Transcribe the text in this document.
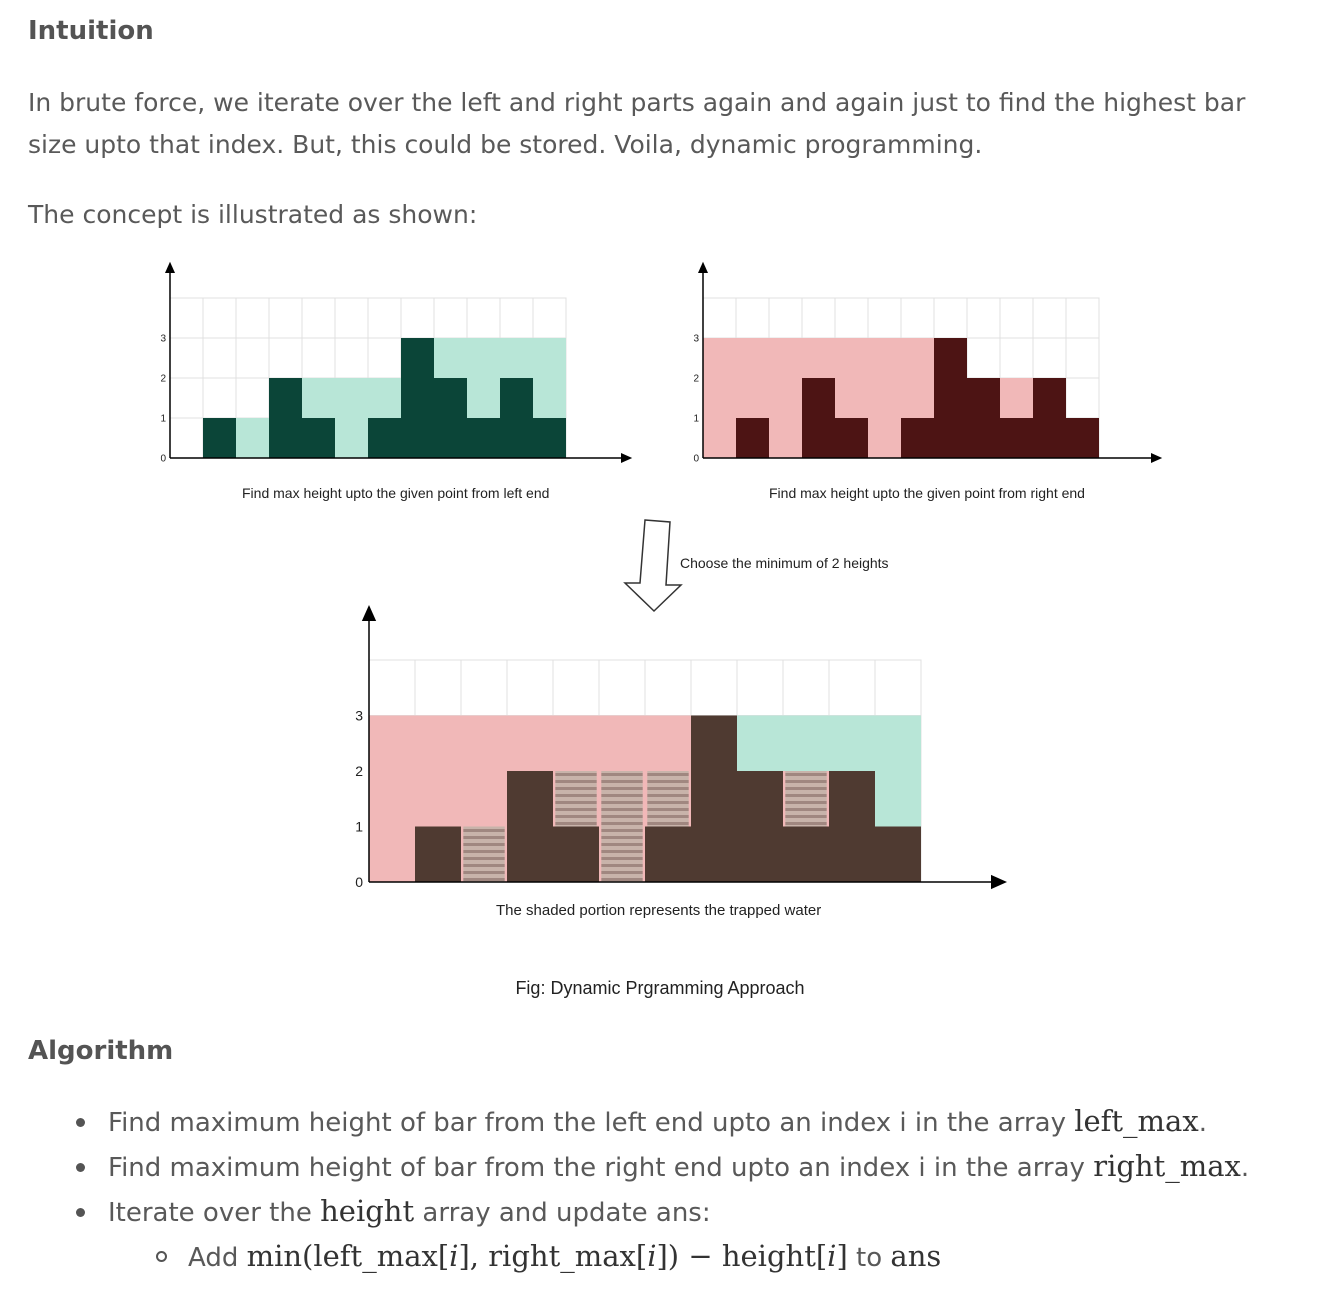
Intuition

In brute force, we iterate over the left and right parts again and again just to find the highest bar size upto that index. But, this could be stored. Voila, dynamic programming.

The concept is illustrated as shown:

0
1
2
3
0
1
2
3
0
1
2
3
Find max height upto the given point from left end	Find max height upto the given point from right end
Choose the minimum of 2 heights
The shaded portion represents the trapped water
Fig: Dynamic Prgramming Approach
Algorithm
Find maximum height of bar from the left end upto an index i in the array left_max.
Find maximum height of bar from the right end upto an index i in the array right_max.
Iterate over the height array and update ans:
Add min(left_max[i], right_max[i]) − height[i] to ans
